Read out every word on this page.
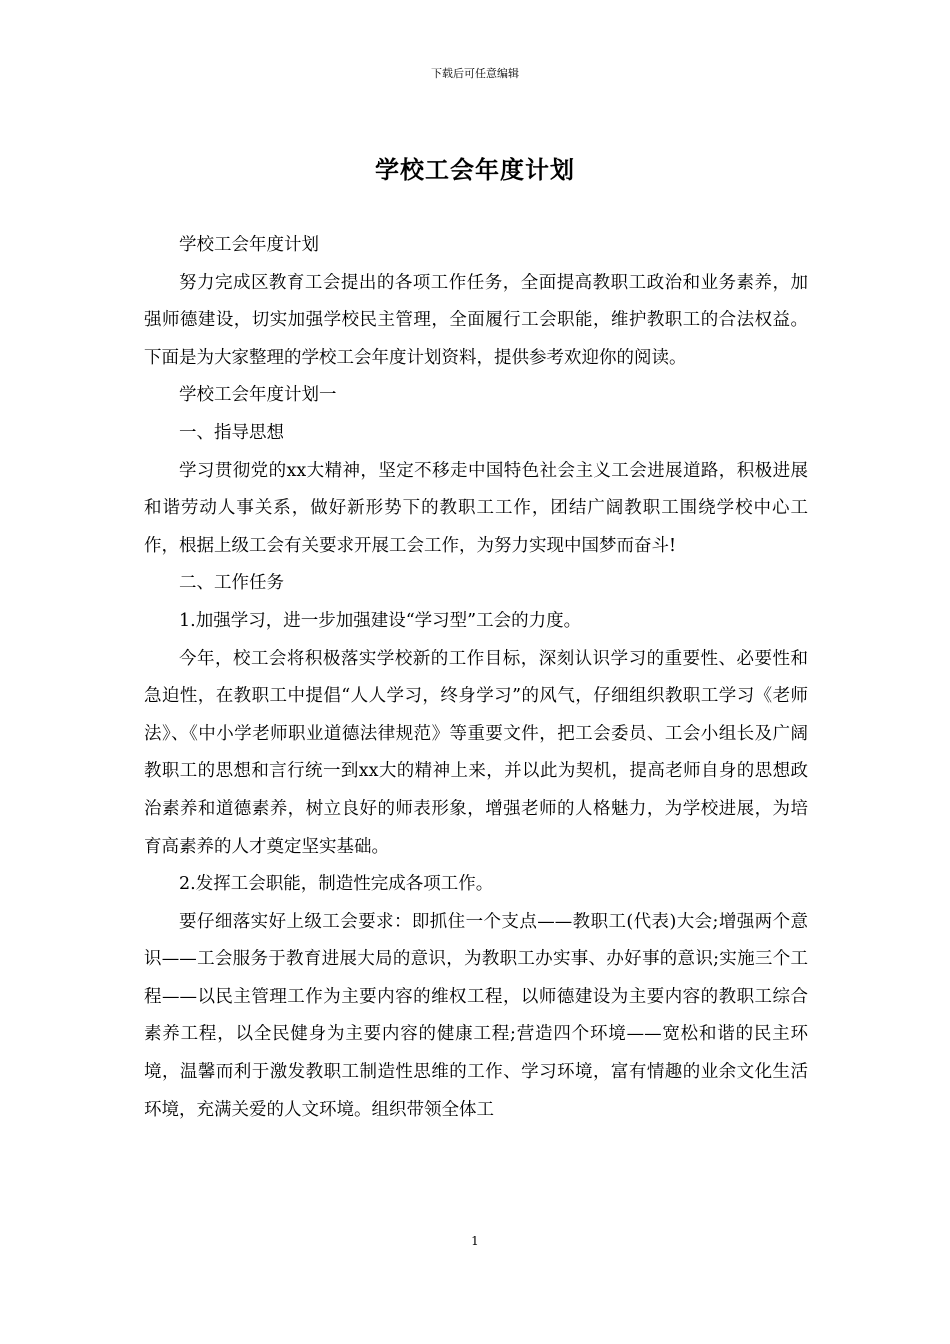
下载后可任意编辑
学校工会年度计划

学校工会年度计划

努力完成区教育工会提出的各项工作任务，全面提高教职工政治和业务素养，加强师德建设，切实加强学校民主管理，全面履行工会职能，维护教职工的合法权益。下面是为大家整理的学校工会年度计划资料，提供参考欢迎你的阅读。

学校工会年度计划一

一、指导思想

学习贯彻党的xx大精神，坚定不移走中国特色社会主义工会进展道路，积极进展和谐劳动人事关系，做好新形势下的教职工工作，团结广阔教职工围绕学校中心工作，根据上级工会有关要求开展工会工作，为努力实现中国梦而奋斗!

二、工作任务

1.加强学习，进一步加强建设“学习型”工会的力度。

今年，校工会将积极落实学校新的工作目标，深刻认识学习的重要性、必要性和急迫性，在教职工中提倡“人人学习，终身学习”的风气，仔细组织教职工学习《老师法》、《中小学老师职业道德法律规范》等重要文件，把工会委员、工会小组长及广阔教职工的思想和言行统一到xx大的精神上来，并以此为契机，提高老师自身的思想政治素养和道德素养，树立良好的师表形象，增强老师的人格魅力，为学校进展，为培育高素养的人才奠定坚实基础。

2.发挥工会职能，制造性完成各项工作。

要仔细落实好上级工会要求：即抓住一个支点——教职工(代表)大会;增强两个意识——工会服务于教育进展大局的意识，为教职工办实事、办好事的意识;实施三个工程——以民主管理工作为主要内容的维权工程，以师德建设为主要内容的教职工综合素养工程，以全民健身为主要内容的健康工程;营造四个环境——宽松和谐的民主环境，温馨而利于激发教职工制造性思维的工作、学习环境，富有情趣的业余文化生活环境，充满关爱的人文环境。组织带领全体工

1
